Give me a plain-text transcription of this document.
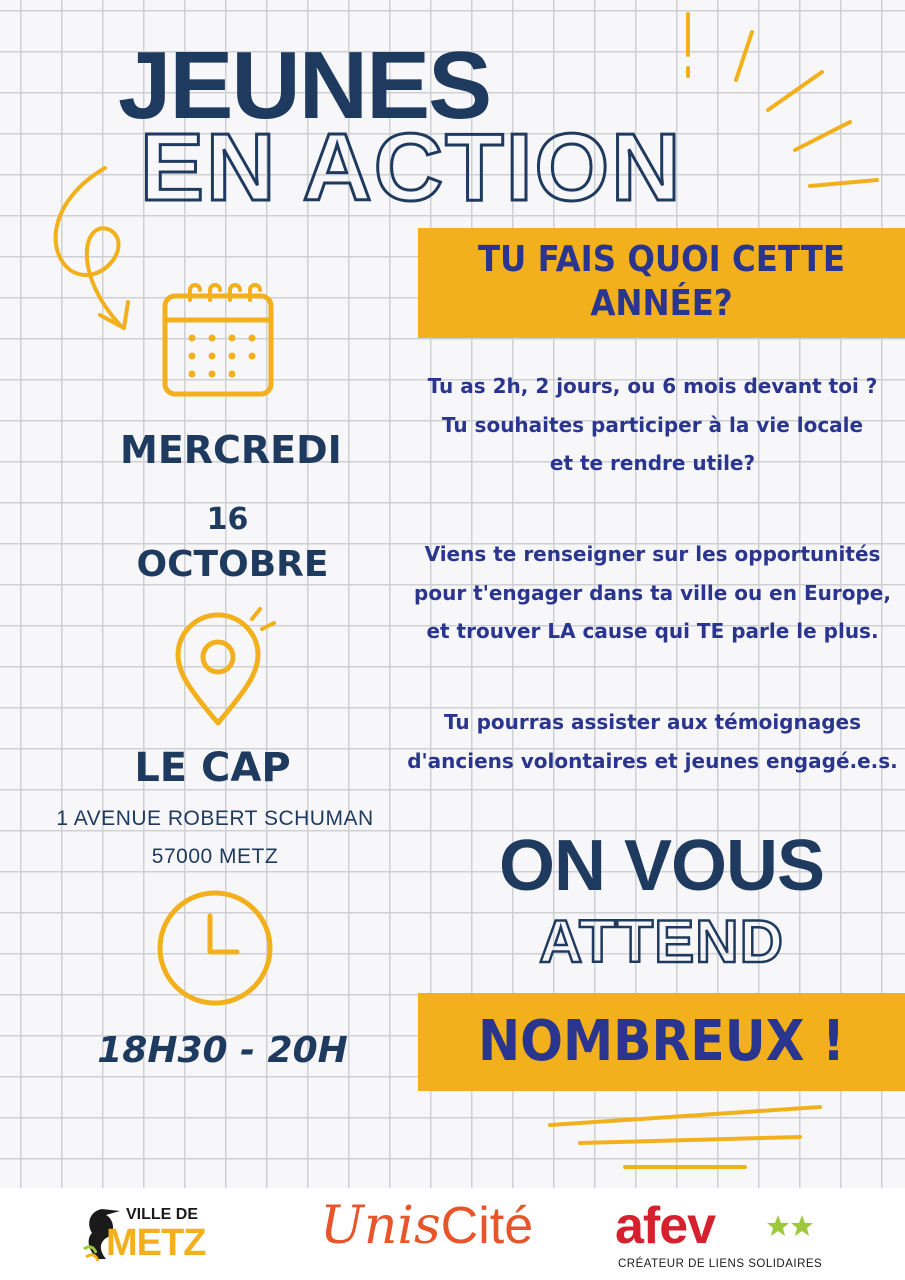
JEUNES
EN ACTION
MERCREDI
16
OCTOBRE
LE CAP
1 AVENUE ROBERT SCHUMAN
57000 METZ
18H30 - 20H
TU FAIS QUOI CETTE
ANNÉE?
Tu as 2h, 2 jours, ou 6 mois devant toi ?
Tu souhaites participer à la vie locale
et te rendre utile?
Viens te renseigner sur les opportunités
pour t'engager dans ta ville ou en Europe,
et trouver LA cause qui TE parle le plus.
Tu pourras assister aux témoignages
d'anciens volontaires et jeunes engagé.e.s.
ON VOUS
ATTEND
NOMBREUX !
VILLE DE
METZ UnisCité afev
CRÉATEUR DE LIENS SOLIDAIRES
